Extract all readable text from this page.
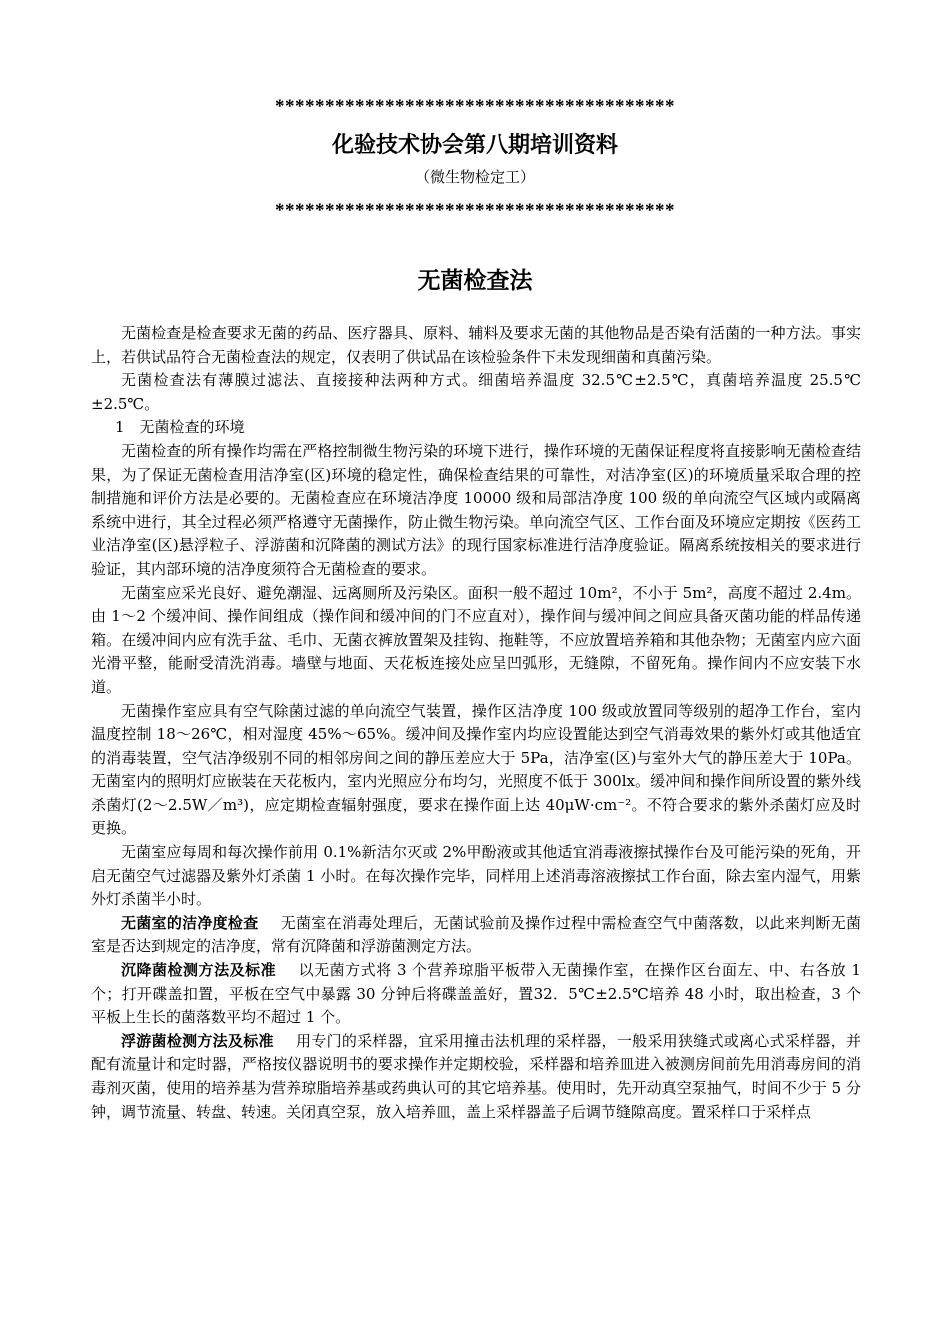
****************************************
化验技术协会第八期培训资料
（微生物检定工）
****************************************
无菌检查法

无菌检查是检查要求无菌的药品、医疗器具、原料、辅料及要求无菌的其他物品是否染有活菌的一种方法。事实上，若供试品符合无菌检查法的规定，仅表明了供试品在该检验条件下未发现细菌和真菌污染。

无菌检查法有薄膜过滤法、直接接种法两种方式。细菌培养温度 32.5℃±2.5℃，真菌培养温度 25.5℃±2.5℃。

1　无菌检查的环境

无菌检查的所有操作均需在严格控制微生物污染的环境下进行，操作环境的无菌保证程度将直接影响无菌检查结果，为了保证无菌检查用洁净室(区)环境的稳定性，确保检查结果的可靠性，对洁净室(区)的环境质量采取合理的控制措施和评价方法是必要的。无菌检查应在环境洁净度 10000 级和局部洁净度 100 级的单向流空气区域内或隔离系统中进行，其全过程必须严格遵守无菌操作，防止微生物污染。单向流空气区、工作台面及环境应定期按《医药工业洁净室(区)悬浮粒子、浮游菌和沉降菌的测试方法》的现行国家标准进行洁净度验证。隔离系统按相关的要求进行验证，其内部环境的洁净度须符合无菌检查的要求。

无菌室应采光良好、避免潮湿、远离厕所及污染区。面积一般不超过 10m²，不小于 5m²，高度不超过 2.4m。由 1～2 个缓冲间、操作间组成（操作间和缓冲间的门不应直对），操作间与缓冲间之间应具备灭菌功能的样品传递箱。在缓冲间内应有洗手盆、毛巾、无菌衣裤放置架及挂钩、拖鞋等，不应放置培养箱和其他杂物；无菌室内应六面光滑平整，能耐受清洗消毒。墙壁与地面、天花板连接处应呈凹弧形，无缝隙，不留死角。操作间内不应安装下水道。

无菌操作室应具有空气除菌过滤的单向流空气装置，操作区洁净度 100 级或放置同等级别的超净工作台，室内温度控制 18～26℃，相对湿度 45%～65%。缓冲间及操作室内均应设置能达到空气消毒效果的紫外灯或其他适宜的消毒装置，空气洁净级别不同的相邻房间之间的静压差应大于 5Pa，洁净室(区)与室外大气的静压差大于 10Pa。无菌室内的照明灯应嵌装在天花板内，室内光照应分布均匀，光照度不低于 300lx。缓冲间和操作间所设置的紫外线杀菌灯(2～2.5W／m³)，应定期检查辐射强度，要求在操作面上达 40μW·cm⁻²。不符合要求的紫外杀菌灯应及时更换。

无菌室应每周和每次操作前用 0.1%新洁尔灭或 2%甲酚液或其他适宜消毒液擦拭操作台及可能污染的死角，开启无菌空气过滤器及紫外灯杀菌 1 小时。在每次操作完毕，同样用上述消毒溶液擦拭工作台面，除去室内湿气，用紫外灯杀菌半小时。

无菌室的洁净度检查 无菌室在消毒处理后，无菌试验前及操作过程中需检查空气中菌落数，以此来判断无菌室是否达到规定的洁净度，常有沉降菌和浮游菌测定方法。

沉降菌检测方法及标准 以无菌方式将 3 个营养琼脂平板带入无菌操作室，在操作区台面左、中、右各放 1 个；打开碟盖扣置，平板在空气中暴露 30 分钟后将碟盖盖好，置32．5℃±2.5℃培养 48 小时，取出检查，3 个平板上生长的菌落数平均不超过 1 个。

浮游菌检测方法及标准 用专门的采样器，宜采用撞击法机理的采样器，一般采用狭缝式或离心式采样器，并配有流量计和定时器，严格按仪器说明书的要求操作并定期校验，采样器和培养皿进入被测房间前先用消毒房间的消毒剂灭菌，使用的培养基为营养琼脂培养基或药典认可的其它培养基。使用时，先开动真空泵抽气，时间不少于 5 分钟，调节流量、转盘、转速。关闭真空泵，放入培养皿，盖上采样器盖子后调节缝隙高度。置采样口于采样点
